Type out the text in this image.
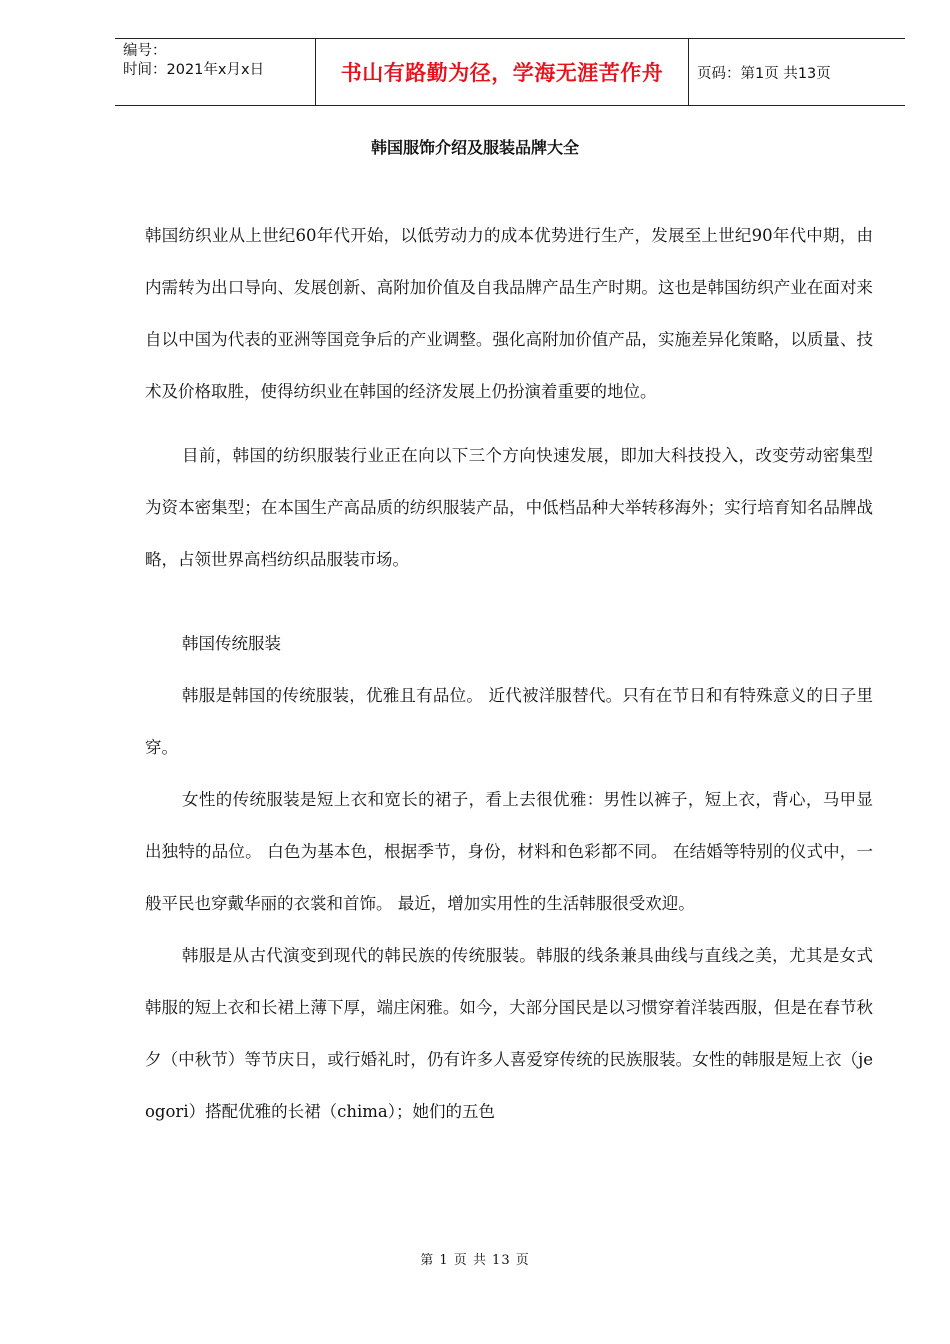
编号：
时间：2021年x月x日	书山有路勤为径，学海无涯苦作舟	页码：第1页 共13页
韩国服饰介绍及服装品牌大全

韩国纺织业从上世纪60年代开始，以低劳动力的成本优势进行生产，发展至上世纪90年代中期，由内需转为出口导向、发展创新、高附加价值及自我品牌产品生产时期。这也是韩国纺织产业在面对来自以中国为代表的亚洲等国竞争后的产业调整。强化高附加价值产品，实施差异化策略，以质量、技术及价格取胜，使得纺织业在韩国的经济发展上仍扮演着重要的地位。

目前，韩国的纺织服装行业正在向以下三个方向快速发展，即加大科技投入，改变劳动密集型为资本密集型；在本国生产高品质的纺织服装产品，中低档品种大举转移海外；实行培育知名品牌战略，占领世界高档纺织品服装市场。

韩国传统服装

韩服是韩国的传统服装，优雅且有品位。 近代被洋服替代。只有在节日和有特殊意义的日子里穿。

女性的传统服装是短上衣和宽长的裙子，看上去很优雅：男性以裤子，短上衣，背心，马甲显出独特的品位。 白色为基本色，根据季节，身份，材料和色彩都不同。 在结婚等特别的仪式中，一般平民也穿戴华丽的衣裳和首饰。 最近，增加实用性的生活韩服很受欢迎。

韩服是从古代演变到现代的韩民族的传统服装。韩服的线条兼具曲线与直线之美，尤其是女式韩服的短上衣和长裙上薄下厚，端庄闲雅。如今，大部分国民是以习惯穿着洋装西服，但是在春节秋夕（中秋节）等节庆日，或行婚礼时，仍有许多人喜爱穿传统的民族服装。女性的韩服是短上衣（jeogori）搭配优雅的长裙（chima）；她们的五色

第 1 页 共 13 页
